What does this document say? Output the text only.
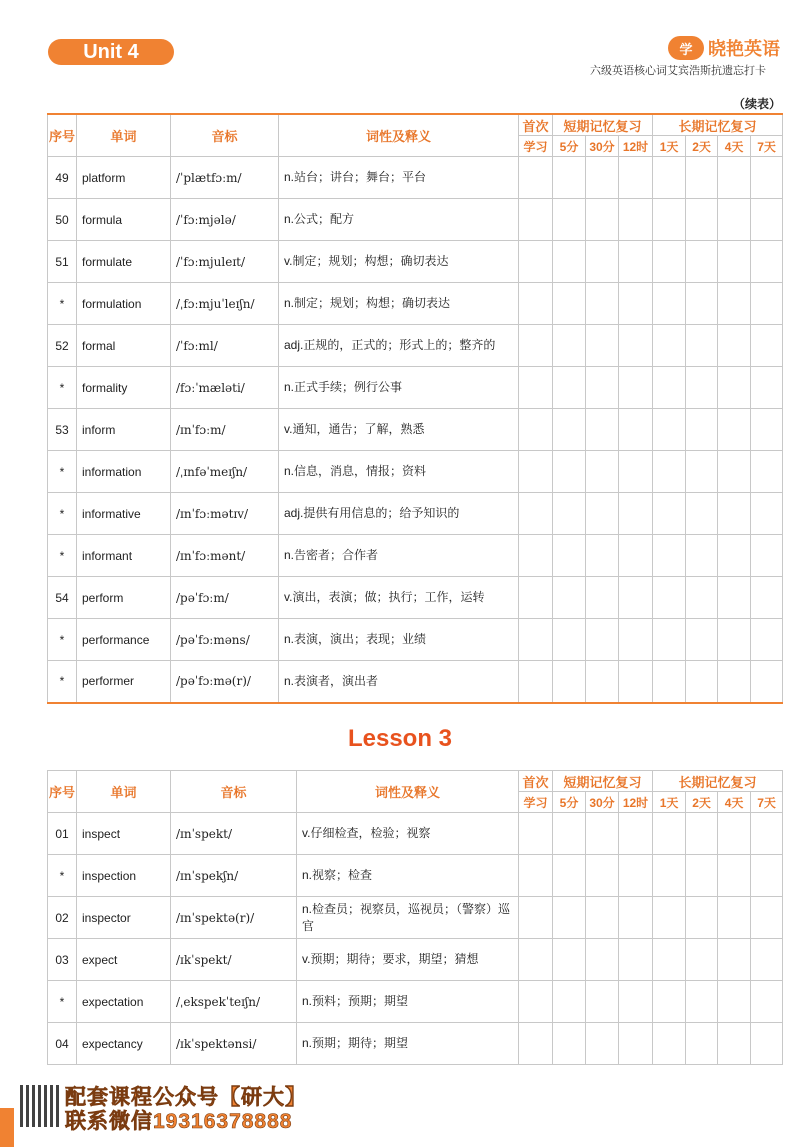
Unit 4	学 晓艳英语
六级英语核心词艾宾浩斯抗遗忘打卡
（续表）
序号	单词	音标	词性及释义	首次	短期记忆复习			长期记忆复习			
				学习	5分	30分	12时	1天	2天	4天	7天
49	platform	/ˈplætfɔːm/	n.站台；讲台；舞台；平台								
50	formula	/ˈfɔːmjələ/	n.公式；配方								
51	formulate	/ˈfɔːmjuleɪt/	v.制定；规划；构想；确切表达								
*	formulation	/ˌfɔːmjuˈleɪʃn/	n.制定；规划；构想；确切表达								
52	formal	/ˈfɔːml/	adj.正规的，正式的；形式上的；整齐的								
*	formality	/fɔːˈmæləti/	n.正式手续；例行公事								
53	inform	/ɪnˈfɔːm/	v.通知，通告；了解，熟悉								
*	information	/ˌɪnfəˈmeɪʃn/	n.信息，消息，情报；资料								
*	informative	/ɪnˈfɔːmətɪv/	adj.提供有用信息的；给予知识的								
*	informant	/ɪnˈfɔːmənt/	n.告密者；合作者								
54	perform	/pəˈfɔːm/	v.演出，表演；做；执行；工作，运转								
*	performance	/pəˈfɔːməns/	n.表演，演出；表现；业绩								
*	performer	/pəˈfɔːmə(r)/	n.表演者，演出者								
Lesson 3
序号	单词	音标	词性及释义	首次	短期记忆复习			长期记忆复习			
				学习	5分	30分	12时	1天	2天	4天	7天
01	inspect	/ɪnˈspekt/	v.仔细检查，检验；视察								
*	inspection	/ɪnˈspekʃn/	n.视察；检查								
02	inspector	/ɪnˈspektə(r)/	n.检查员；视察员，巡视员；（警察）巡官								
03	expect	/ɪkˈspekt/	v.预期；期待；要求，期望；猜想								
*	expectation	/ˌekspekˈteɪʃn/	n.预料；预期；期望								
04	expectancy	/ɪkˈspektənsi/	n.预期；期待；期望								
配套课程公众号【研大】
联系微信19316378888
